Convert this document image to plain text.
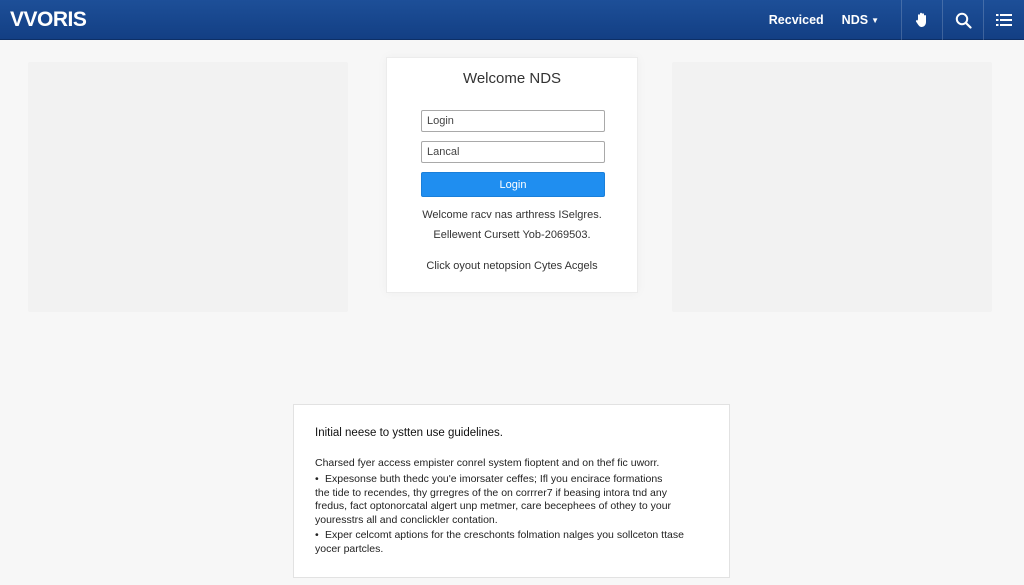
VVORIS	Recviced NDS ▼
Welcome NDS
Login
Lancal
Login
Welcome racv nas arthress ISelgres.
Eellewent Cursett Yob-2069503.
Click oyout netopsion Cytes Acgels
Initial neese to ystten use guidelines.
Charsed fyer access empister conrel system fioptent and on thef fic uworr.
• Expesonse buth thedc you'e imorsater ceffes; Ifl you encirace formations
the tide to recendes, thy grregres of the on corrrer7 if beasing intora tnd any
fredus, fact optonorcatal algert unp metmer, care becephees of othey to your
youresstrs all and conclickler contation.
• Exper celcomt aptions for the creschonts folmation nalges you sollceton ttase
yocer partcles.
